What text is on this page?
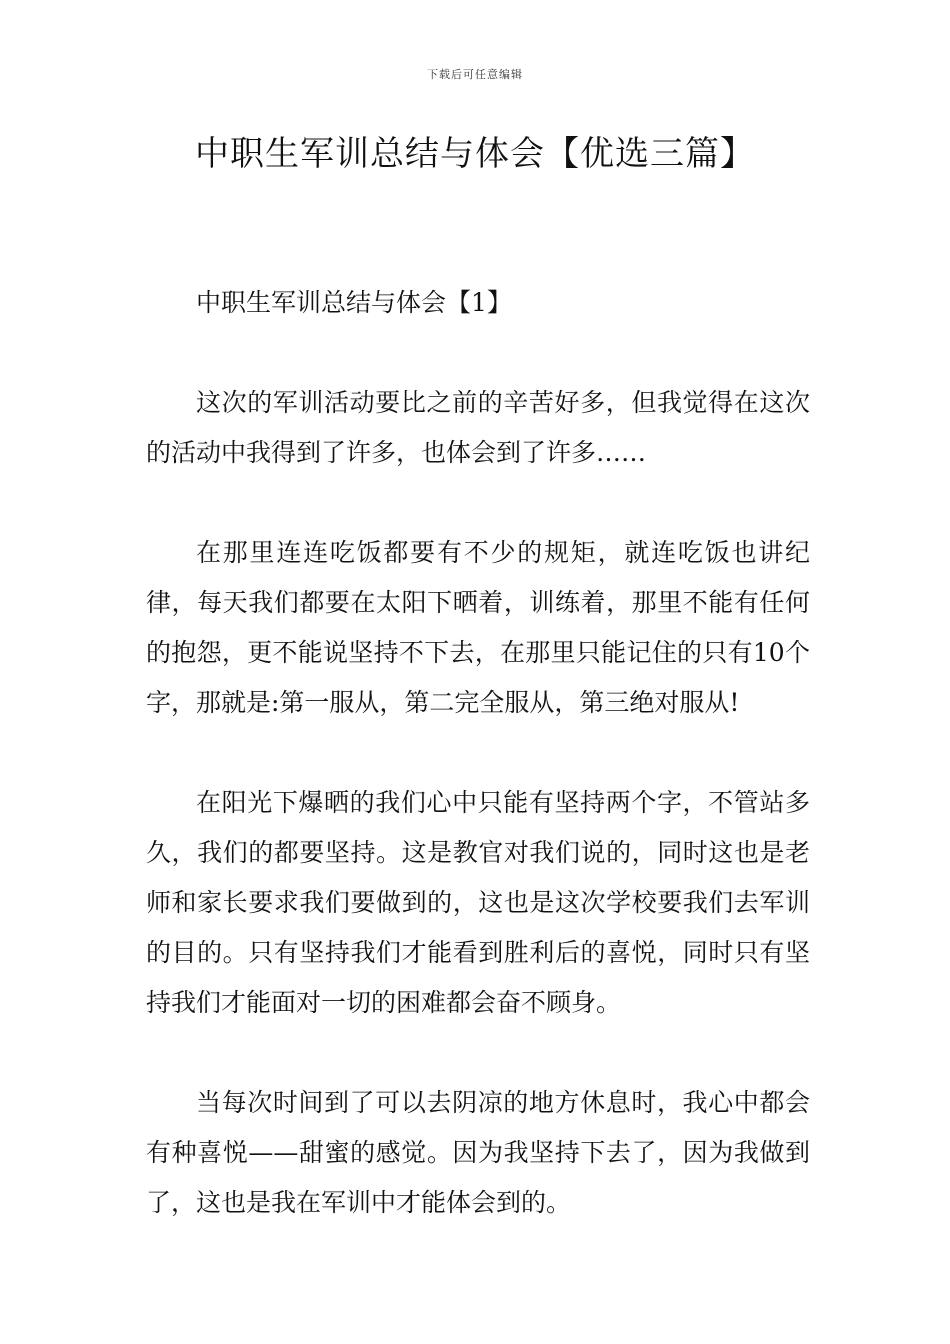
下载后可任意编辑
中职生军训总结与体会【优选三篇】

中职生军训总结与体会【1】

这次的军训活动要比之前的辛苦好多，但我觉得在这次的活动中我得到了许多，也体会到了许多……

在那里连连吃饭都要有不少的规矩，就连吃饭也讲纪律，每天我们都要在太阳下晒着，训练着，那里不能有任何的抱怨，更不能说坚持不下去，在那里只能记住的只有10个字，那就是:第一服从，第二完全服从，第三绝对服从!

在阳光下爆晒的我们心中只能有坚持两个字，不管站多久，我们的都要坚持。这是教官对我们说的，同时这也是老师和家长要求我们要做到的，这也是这次学校要我们去军训的目的。只有坚持我们才能看到胜利后的喜悦，同时只有坚持我们才能面对一切的困难都会奋不顾身。

当每次时间到了可以去阴凉的地方休息时，我心中都会有种喜悦——甜蜜的感觉。因为我坚持下去了，因为我做到了，这也是我在军训中才能体会到的。
